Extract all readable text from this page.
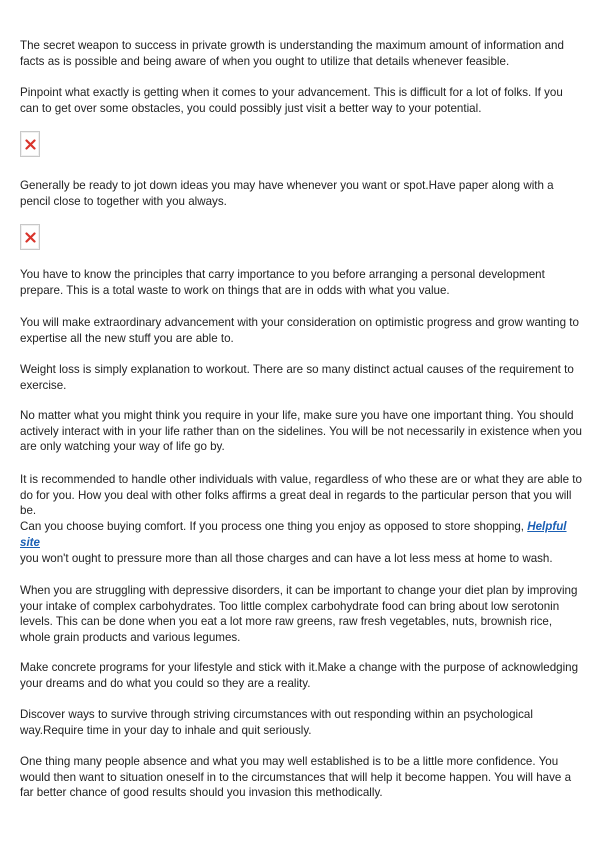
The secret weapon to success in private growth is understanding the maximum amount of information and facts as is possible and being aware of when you ought to utilize that details whenever feasible.

Pinpoint what exactly is getting when it comes to your advancement. This is difficult for a lot of folks. If you can to get over some obstacles, you could possibly just visit a better way to your potential.

Generally be ready to jot down ideas you may have whenever you want or spot.Have paper along with a pencil close to together with you always.

You have to know the principles that carry importance to you before arranging a personal development prepare. This is a total waste to work on things that are in odds with what you value.

You will make extraordinary advancement with your consideration on optimistic progress and grow wanting to expertise all the new stuff you are able to.

Weight loss is simply explanation to workout. There are so many distinct actual causes of the requirement to exercise.

No matter what you might think you require in your life, make sure you have one important thing. You should actively interact with in your life rather than on the sidelines. You will be not necessarily in existence when you are only watching your way of life go by.

It is recommended to handle other individuals with value, regardless of who these are or what they are able to do for you. How you deal with other folks affirms a great deal in regards to the particular person that you will be.

Can you choose buying comfort. If you process one thing you enjoy as opposed to store shopping, Helpful site

you won't ought to pressure more than all those charges and can have a lot less mess at home to wash.

When you are struggling with depressive disorders, it can be important to change your diet plan by improving your intake of complex carbohydrates. Too little complex carbohydrate food can bring about low serotonin levels. This can be done when you eat a lot more raw greens, raw fresh vegetables, nuts, brownish rice, whole grain products and various legumes.

Make concrete programs for your lifestyle and stick with it.Make a change with the purpose of acknowledging your dreams and do what you could so they are a reality.

Discover ways to survive through striving circumstances with out responding within an psychological way.Require time in your day to inhale and quit seriously.

One thing many people absence and what you may well established is to be a little more confidence. You would then want to situation oneself in to the circumstances that will help it become happen. You will have a far better chance of good results should you invasion this methodically.
